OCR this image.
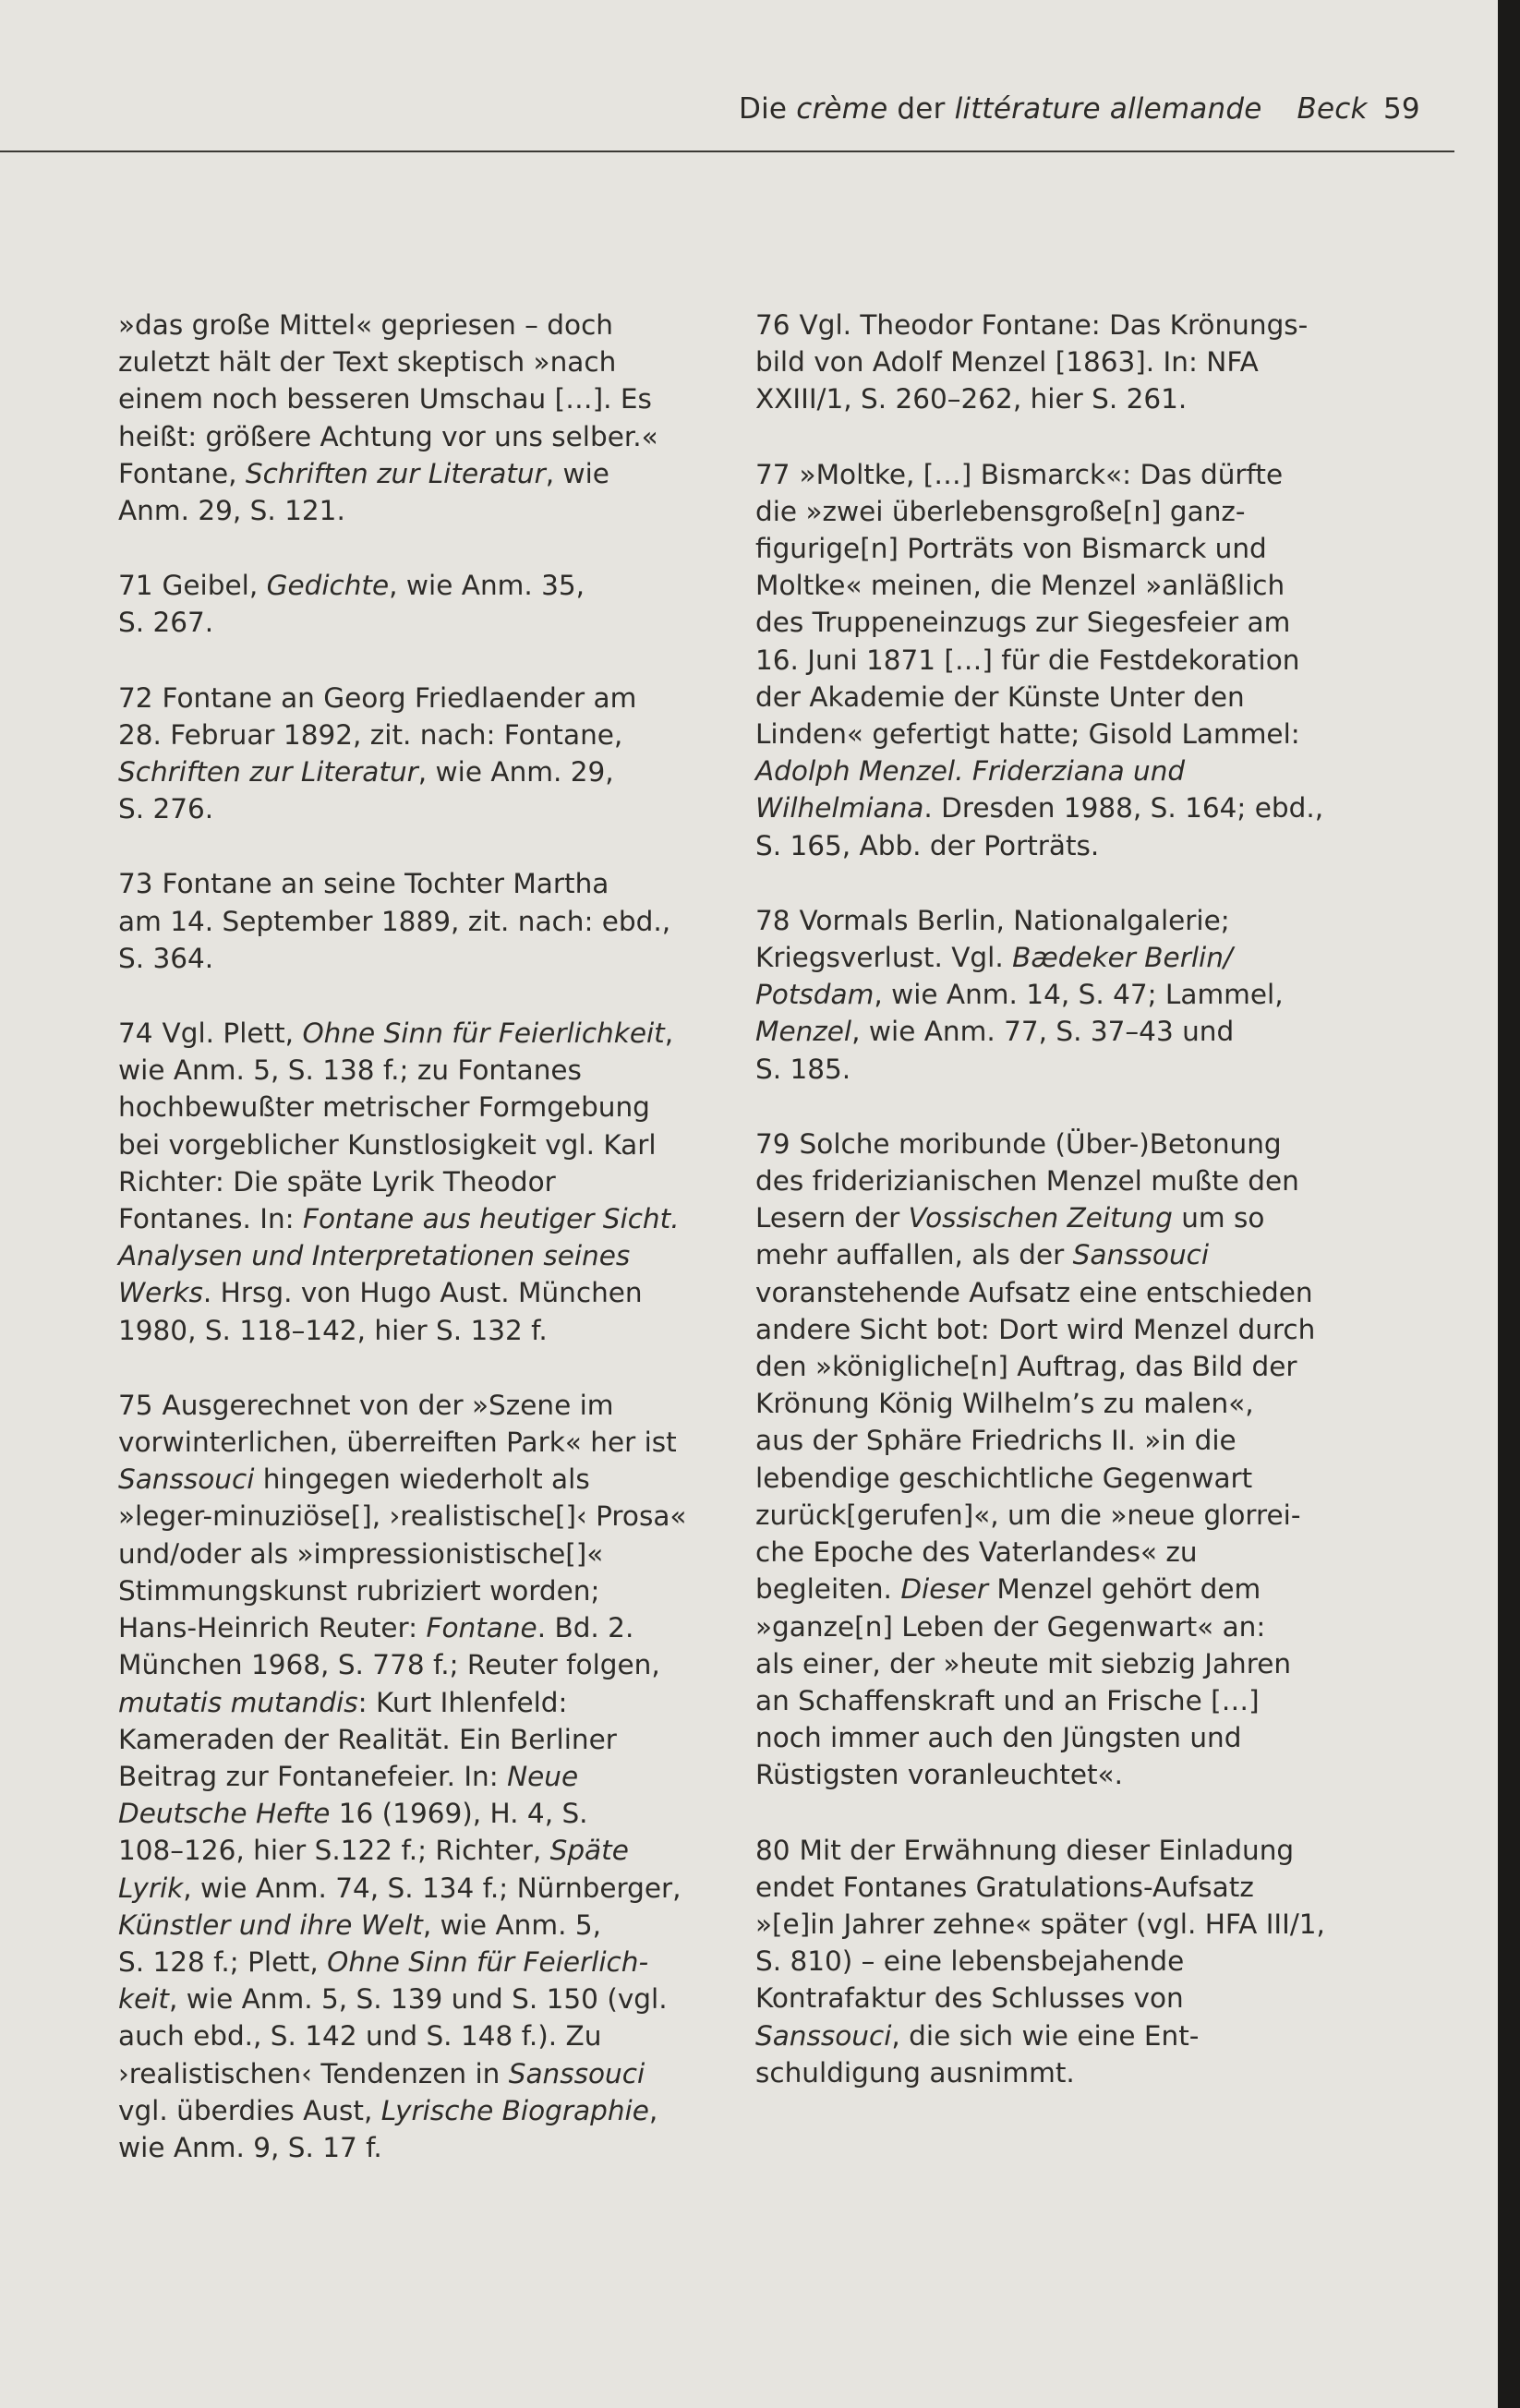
Die crème der littérature allemande Beck 59
»das große Mittel« gepriesen – doch
zuletzt hält der Text skeptisch »nach
einem noch besseren Umschau […]. Es
heißt: größere Achtung vor uns selber.«
Fontane, Schriften zur Literatur, wie
Anm. 29, S. 121.
71 Geibel, Gedichte, wie Anm. 35,
S. 267.
72 Fontane an Georg Friedlaender am
28. Februar 1892, zit. nach: Fontane,
Schriften zur Literatur, wie Anm. 29,
S. 276.
73 Fontane an seine Tochter Martha
am 14. September 1889, zit. nach: ebd.,
S. 364.
74 Vgl. Plett, Ohne Sinn für Feierlichkeit,
wie Anm. 5, S. 138 f.; zu Fontanes
hochbewußter metrischer Formgebung
bei vorgeblicher Kunstlosigkeit vgl. Karl
Richter: Die späte Lyrik Theodor
Fontanes. In: Fontane aus heutiger Sicht.
Analysen und Interpretationen seines
Werks. Hrsg. von Hugo Aust. München
1980, S. 118–142, hier S. 132 f.
75 Ausgerechnet von der »Szene im
vorwinterlichen, überreiften Park« her ist
Sanssouci hingegen wiederholt als
»leger-minuziöse[], ›realistische[]‹ Prosa«
und/oder als »impressionistische[]«
Stimmungskunst rubriziert worden;
Hans-Heinrich Reuter: Fontane. Bd. 2.
München 1968, S. 778 f.; Reuter folgen,
mutatis mutandis: Kurt Ihlenfeld:
Kameraden der Realität. Ein Berliner
Beitrag zur Fontanefeier. In: Neue
Deutsche Hefte 16 (1969), H. 4, S.
108–126, hier S.122 f.; Richter, Späte
Lyrik, wie Anm. 74, S. 134 f.; Nürnberger,
Künstler und ihre Welt, wie Anm. 5,
S. 128 f.; Plett, Ohne Sinn für Feierlich-
keit, wie Anm. 5, S. 139 und S. 150 (vgl.
auch ebd., S. 142 und S. 148 f.). Zu
›realistischen‹ Tendenzen in Sanssouci
vgl. überdies Aust, Lyrische Biographie,
wie Anm. 9, S. 17 f.
76 Vgl. Theodor Fontane: Das Krönungs-
bild von Adolf Menzel [1863]. In: NFA
XXIII/1, S. 260–262, hier S. 261.
77 »Moltke, […] Bismarck«: Das dürfte
die »zwei überlebensgroße[n] ganz-
figurige[n] Porträts von Bismarck und
Moltke« meinen, die Menzel »anläßlich
des Truppeneinzugs zur Siegesfeier am
16. Juni 1871 […] für die Festdekoration
der Akademie der Künste Unter den
Linden« gefertigt hatte; Gisold Lammel:
Adolph Menzel. Friderziana und
Wilhelmiana. Dresden 1988, S. 164; ebd.,
S. 165, Abb. der Porträts.
78 Vormals Berlin, Nationalgalerie;
Kriegsverlust. Vgl. Bædeker Berlin/
Potsdam, wie Anm. 14, S. 47; Lammel,
Menzel, wie Anm. 77, S. 37–43 und
S. 185.
79 Solche moribunde (Über-)Betonung
des friderizianischen Menzel mußte den
Lesern der Vossischen Zeitung um so
mehr auffallen, als der Sanssouci
voranstehende Aufsatz eine entschieden
andere Sicht bot: Dort wird Menzel durch
den »königliche[n] Auftrag, das Bild der
Krönung König Wilhelm’s zu malen«,
aus der Sphäre Friedrichs II. »in die
lebendige geschichtliche Gegenwart
zurück[gerufen]«, um die »neue glorrei-
che Epoche des Vaterlandes« zu
begleiten. Dieser Menzel gehört dem
»ganze[n] Leben der Gegenwart« an:
als einer, der »heute mit siebzig Jahren
an Schaffenskraft und an Frische […]
noch immer auch den Jüngsten und
Rüstigsten voranleuchtet«.
80 Mit der Erwähnung dieser Einladung
endet Fontanes Gratulations-Aufsatz
»[e]in Jahrer zehne« später (vgl. HFA III/1,
S. 810) – eine lebensbejahende
Kontrafaktur des Schlusses von
Sanssouci, die sich wie eine Ent-
schuldigung ausnimmt.
